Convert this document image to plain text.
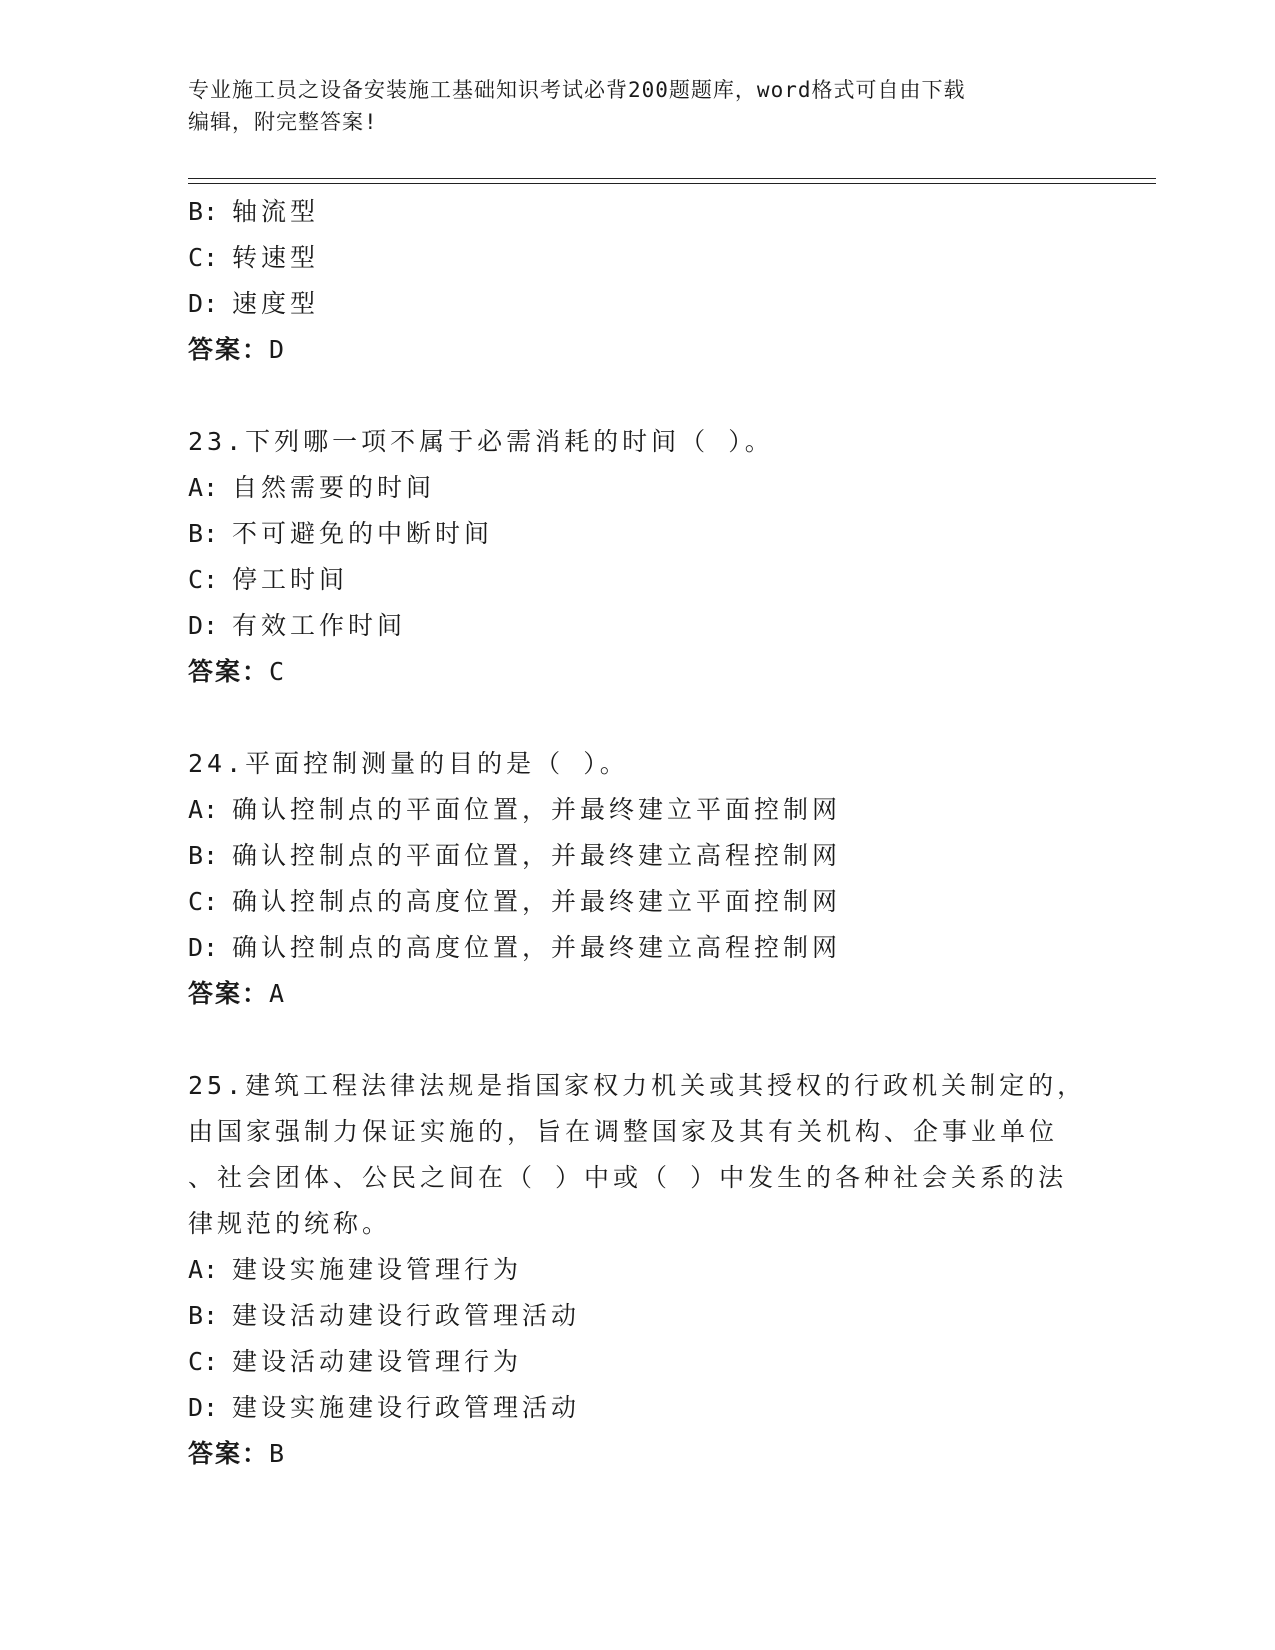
专业施工员之设备安装施工基础知识考试必背200题题库，word格式可自由下载
编辑，附完整答案!
B: 轴流型
C: 转速型
D: 速度型
答案：D
23.下列哪一项不属于必需消耗的时间（ ）。
A: 自然需要的时间
B: 不可避免的中断时间
C: 停工时间
D: 有效工作时间
答案：C
24.平面控制测量的目的是（ ）。
A: 确认控制点的平面位置，并最终建立平面控制网
B: 确认控制点的平面位置，并最终建立高程控制网
C: 确认控制点的高度位置，并最终建立平面控制网
D: 确认控制点的高度位置，并最终建立高程控制网
答案：A
25.建筑工程法律法规是指国家权力机关或其授权的行政机关制定的，
由国家强制力保证实施的，旨在调整国家及其有关机构、企事业单位
、社会团体、公民之间在（ ）中或（ ）中发生的各种社会关系的法
律规范的统称。
A: 建设实施建设管理行为
B: 建设活动建设行政管理活动
C: 建设活动建设管理行为
D: 建设实施建设行政管理活动
答案：B
